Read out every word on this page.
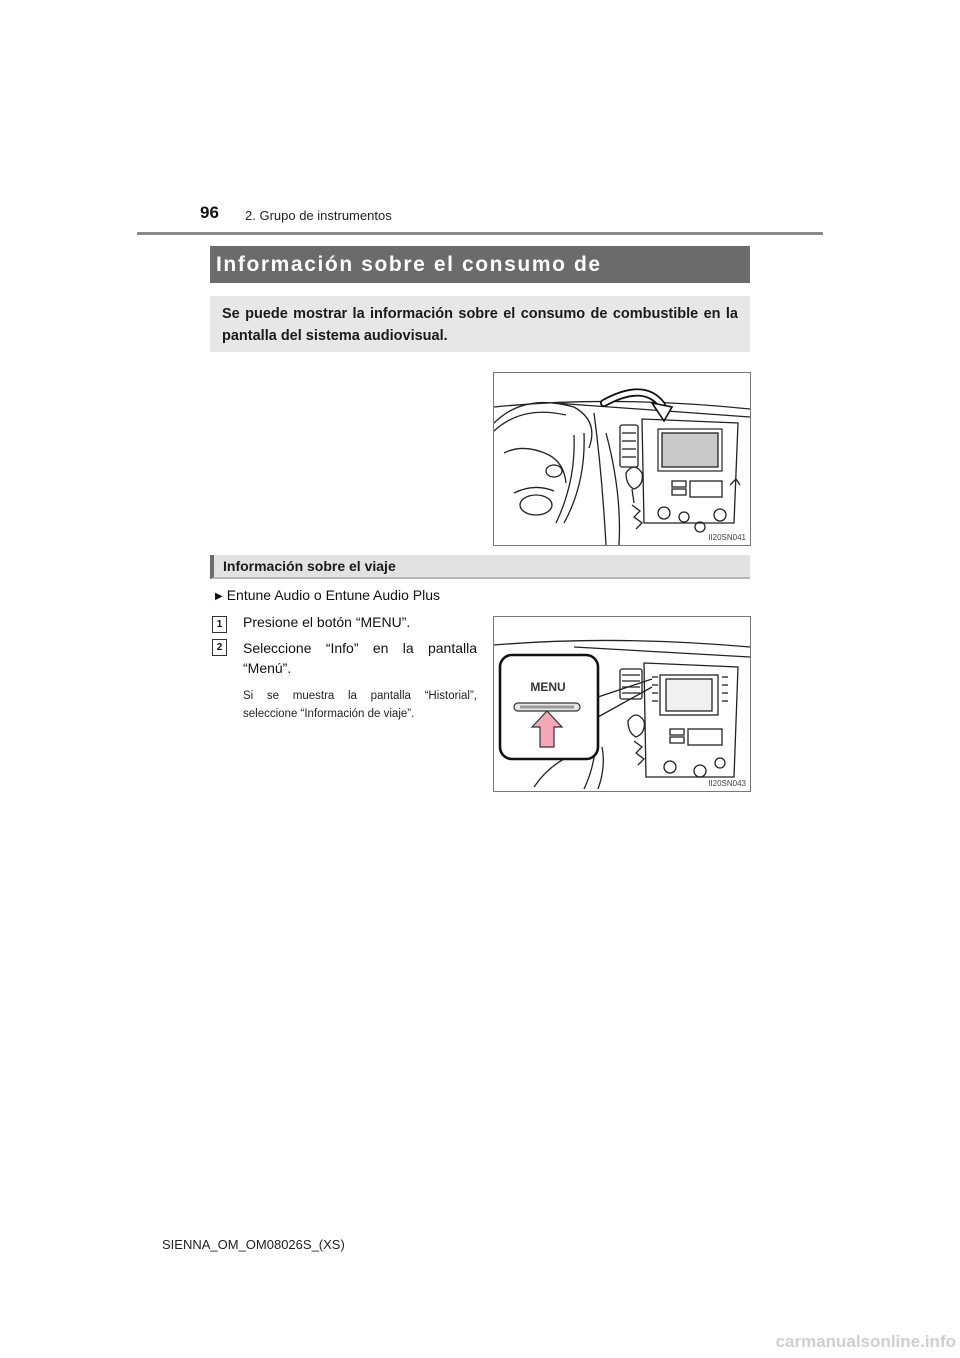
96 2. Grupo de instrumentos
Información sobre el consumo de
Se puede mostrar la información sobre el consumo de combustible en la pantalla del sistema audiovisual.
II20SN041
Información sobre el viaje
▶ Entune Audio o Entune Audio Plus
1	Presione el botón “MENU”.
2	Seleccione “Info” en la pantalla
“Menú”.
Si se muestra la pantalla “Historial”,
seleccione “Información de viaje”.
MENU
II20SN043
SIENNA_OM_OM08026S_(XS)
carmanualsonline.info
